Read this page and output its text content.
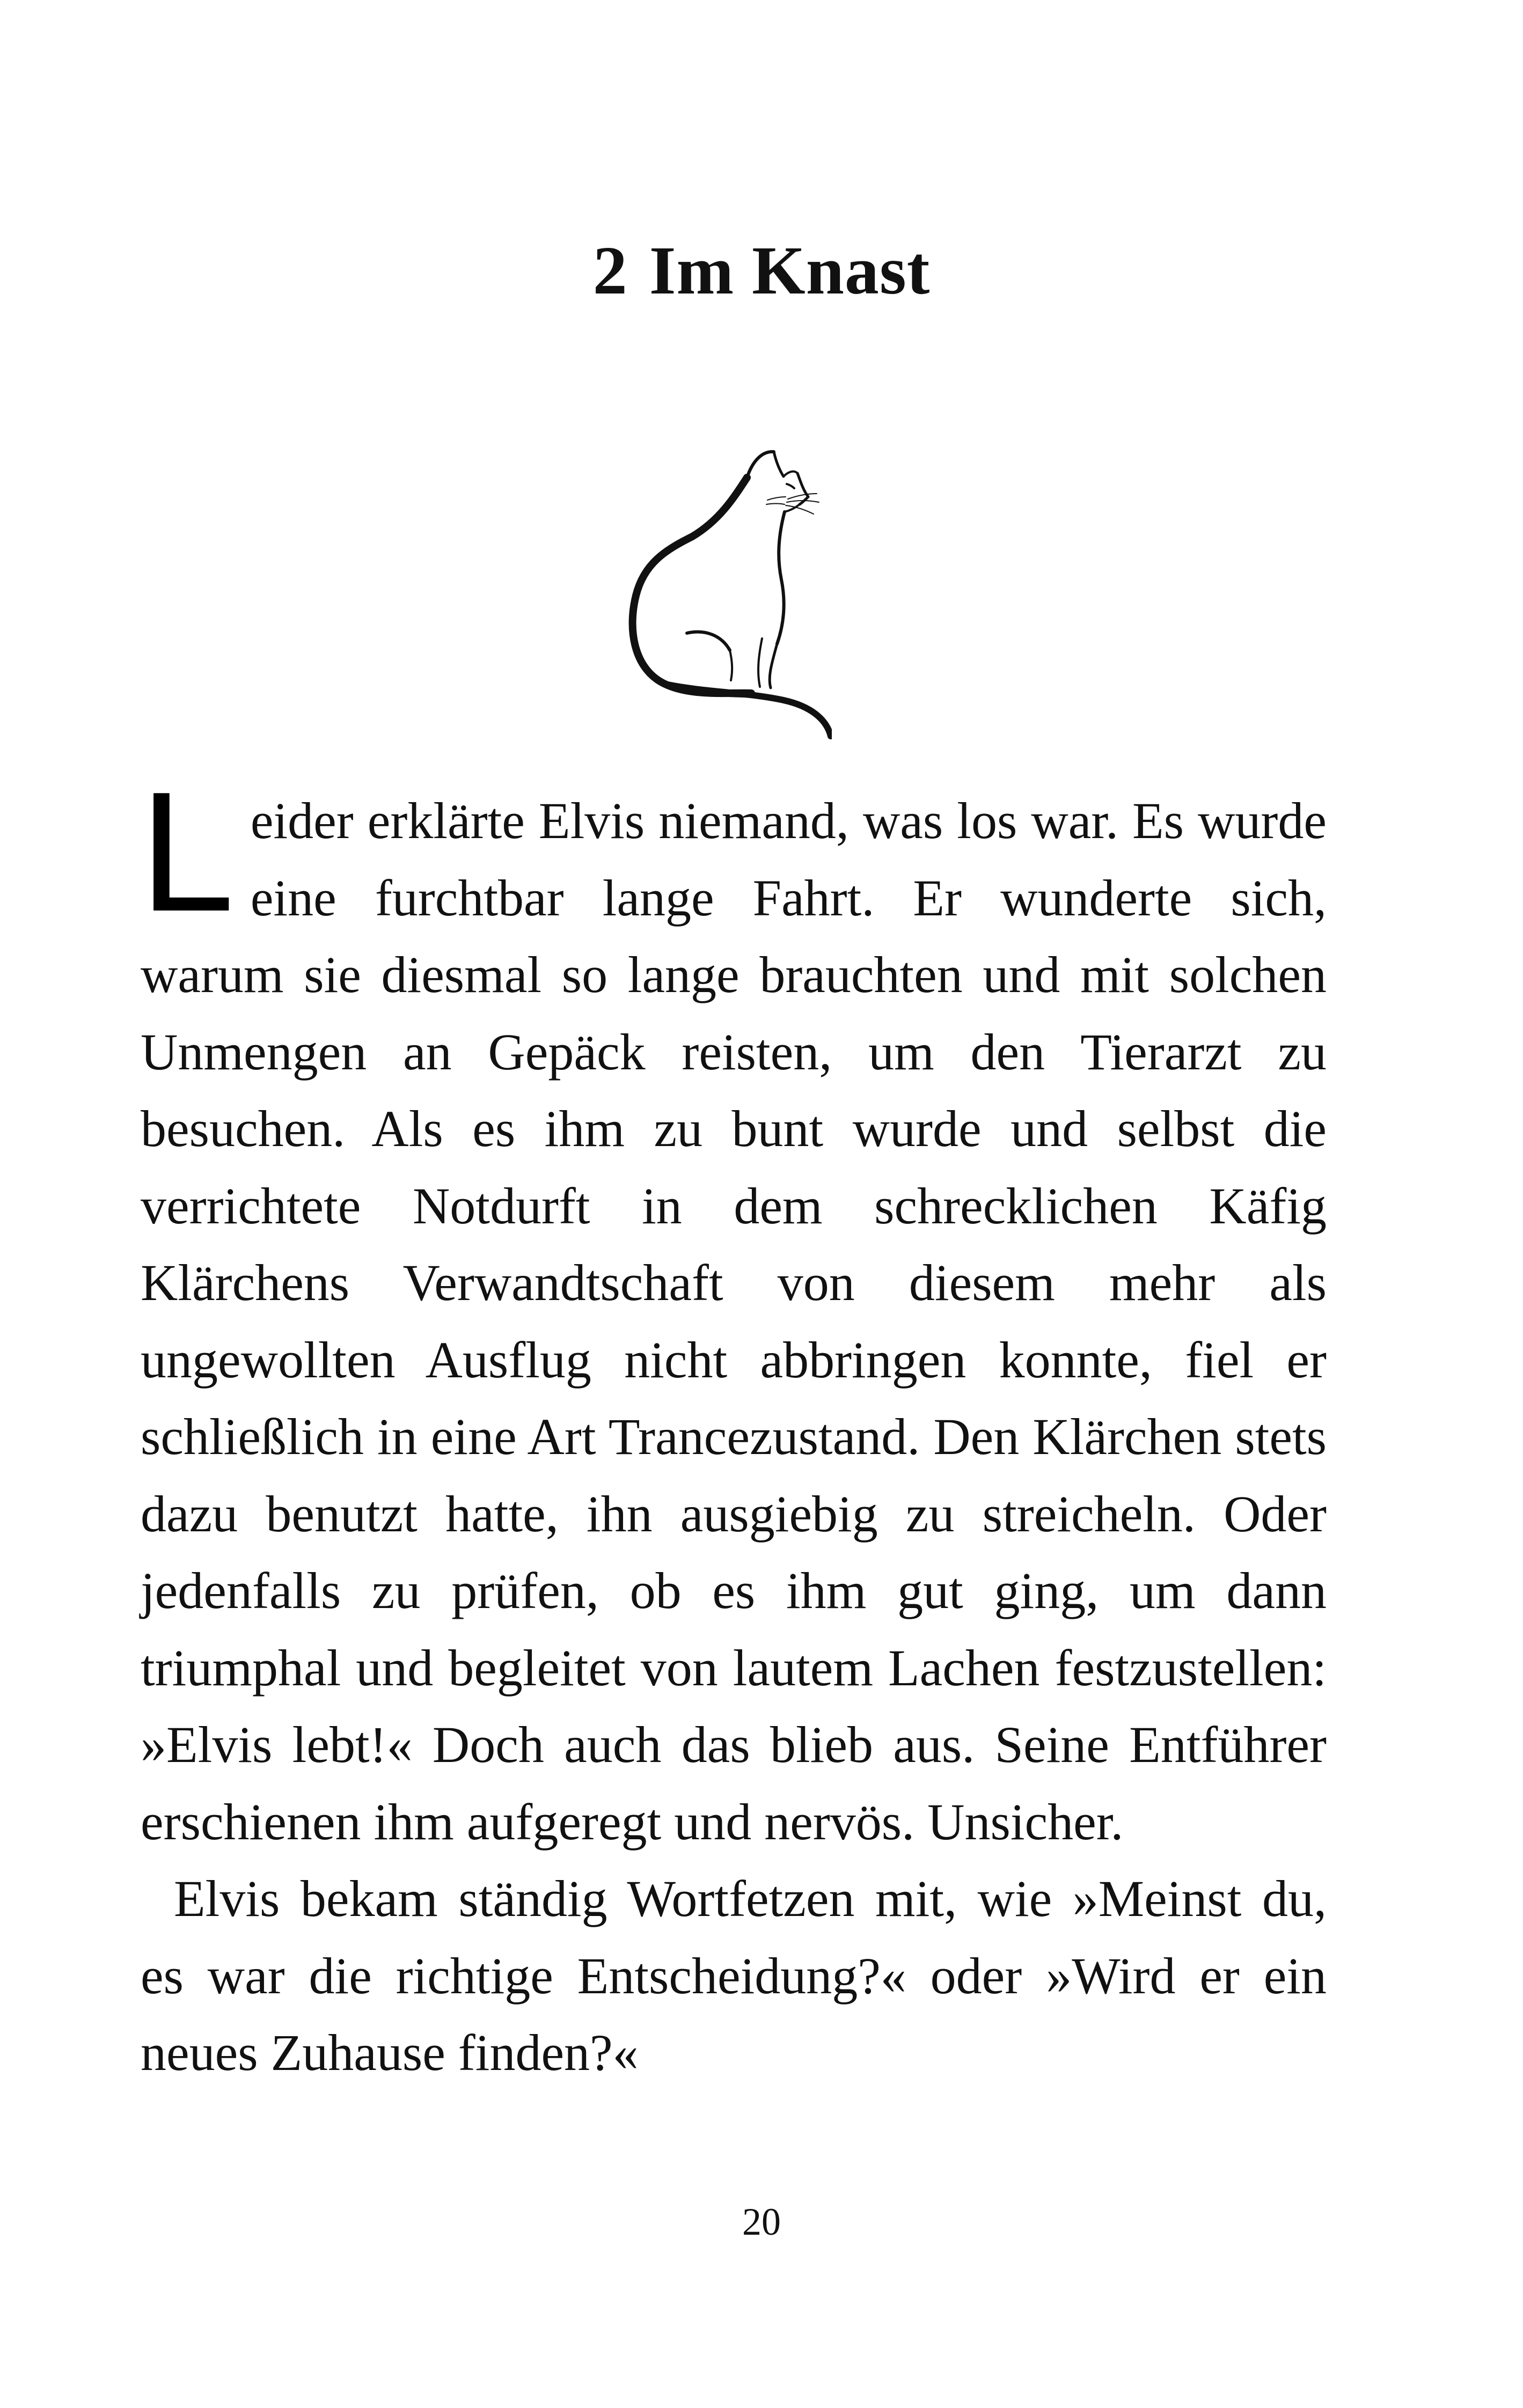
2 Im Knast

Leider erklärte Elvis niemand, was los war. Es wurde eine furchtbar lange Fahrt. Er wunderte sich, warum sie diesmal so lange brauchten und mit solchen Unmengen an Gepäck reisten, um den Tierarzt zu besuchen. Als es ihm zu bunt wurde und selbst die verrichtete Notdurft in dem schrecklichen Käfig Klärchens Verwandtschaft von diesem mehr als ungewollten Ausflug nicht abbringen konnte, fiel er schließlich in eine Art Trancezustand. Den Klärchen stets dazu benutzt hatte, ihn ausgiebig zu streicheln. Oder jedenfalls zu prüfen, ob es ihm gut ging, um dann triumphal und begleitet von lautem Lachen festzustellen: »Elvis lebt!« Doch auch das blieb aus. Seine Entführer erschienen ihm aufgeregt und nervös. Unsicher.

Elvis bekam ständig Wortfetzen mit, wie »Meinst du, es war die richtige Entscheidung?« oder »Wird er ein neues Zuhause finden?«

20
